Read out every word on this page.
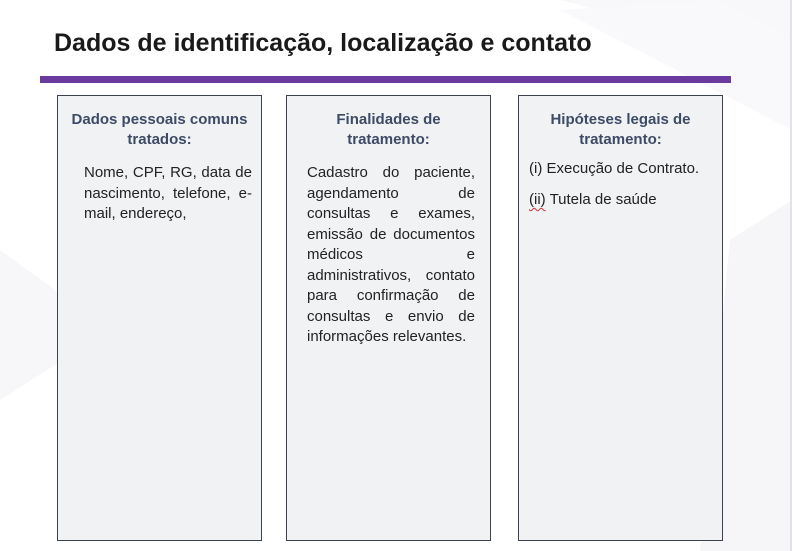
Dados de identificação, localização e contato
Dados pessoais comuns tratados:
Nome, CPF, RG, data de nascimento, telefone, e-mail, endereço,
Finalidades de tratamento:
Cadastro do paciente, agendamento de consultas e exames, emissão de documentos médicos e administrativos, contato para confirmação de consultas e envio de informações relevantes.
Hipóteses legais de tratamento:
(i) Execução de Contrato.
(ii) Tutela de saúde
